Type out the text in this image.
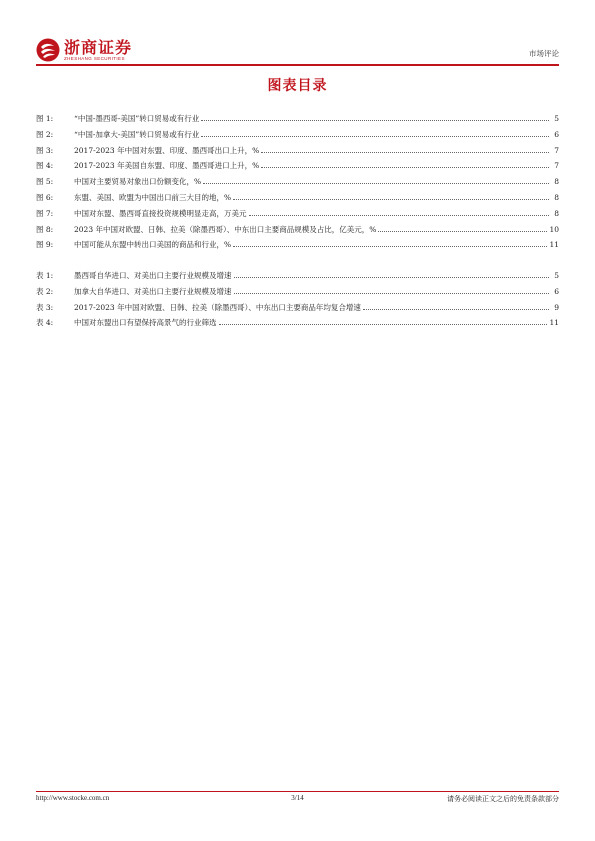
浙商证券
ZHESHANG SECURITIES	市场评论
图表目录
图 1:	“中国-墨西哥-美国”转口贸易或有行业	5
图 2:	“中国-加拿大-美国”转口贸易或有行业	6
图 3:	2017-2023 年中国对东盟、印度、墨西哥出口上升，%	7
图 4:	2017-2023 年美国自东盟、印度、墨西哥进口上升，%	7
图 5:	中国对主要贸易对象出口份额变化，%	8
图 6:	东盟、美国、欧盟为中国出口前三大目的地，%	8
图 7:	中国对东盟、墨西哥直接投资规模明显走高，万美元	8
图 8:	2023 年中国对欧盟、日韩、拉美（除墨西哥）、中东出口主要商品规模及占比，亿美元，%	10
图 9:	中国可能从东盟中转出口美国的商品和行业，%	11
表 1:	墨西哥自华进口、对美出口主要行业规模及增速	5
表 2:	加拿大自华进口、对美出口主要行业规模及增速	6
表 3:	2017-2023 年中国对欧盟、日韩、拉美（除墨西哥）、中东出口主要商品年均复合增速	9
表 4:	中国对东盟出口有望保持高景气的行业筛选	11
http://www.stocke.com.cn	3/14	请务必阅读正文之后的免责条款部分
